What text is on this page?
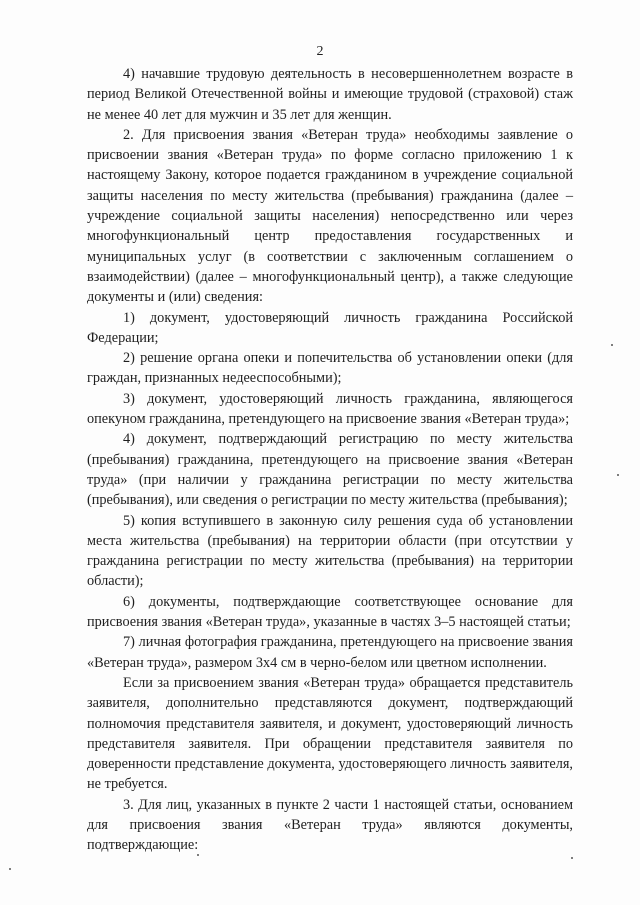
2

4) начавшие трудовую деятельность в несовершеннолетнем возрасте в период Великой Отечественной войны и имеющие трудовой (страховой) стаж не менее 40 лет для мужчин и 35 лет для женщин.

2. Для присвоения звания «Ветеран труда» необходимы заявление о присвоении звания «Ветеран труда» по форме согласно приложению 1 к настоящему Закону, которое подается гражданином в учреждение социальной защиты населения по месту жительства (пребывания) гражданина (далее – учреждение социальной защиты населения) непосредственно или через многофункциональный центр предоставления государственных и муниципальных услуг (в соответствии с заключенным соглашением о взаимодействии) (далее – многофункциональный центр), а также следующие документы и (или) сведения:

1) документ, удостоверяющий личность гражданина Российской Федерации;

2) решение органа опеки и попечительства об установлении опеки (для граждан, признанных недееспособными);

3) документ, удостоверяющий личность гражданина, являющегося опекуном гражданина, претендующего на присвоение звания «Ветеран труда»;

4) документ, подтверждающий регистрацию по месту жительства (пребывания) гражданина, претендующего на присвоение звания «Ветеран труда» (при наличии у гражданина регистрации по месту жительства (пребывания), или сведения о регистрации по месту жительства (пребывания);

5) копия вступившего в законную силу решения суда об установлении места жительства (пребывания) на территории области (при отсутствии у гражданина регистрации по месту жительства (пребывания) на территории области);

6) документы, подтверждающие соответствующее основание для присвоения звания «Ветеран труда», указанные в частях 3–5 настоящей статьи;

7) личная фотография гражданина, претендующего на присвоение звания «Ветеран труда», размером 3х4 см в черно-белом или цветном исполнении.

Если за присвоением звания «Ветеран труда» обращается представитель заявителя, дополнительно представляются документ, подтверждающий полномочия представителя заявителя, и документ, удостоверяющий личность представителя заявителя. При обращении представителя заявителя по доверенности представление документа, удостоверяющего личность заявителя, не требуется.

3. Для лиц, указанных в пункте 2 части 1 настоящей статьи, основанием для присвоения звания «Ветеран труда» являются документы, подтверждающие:
